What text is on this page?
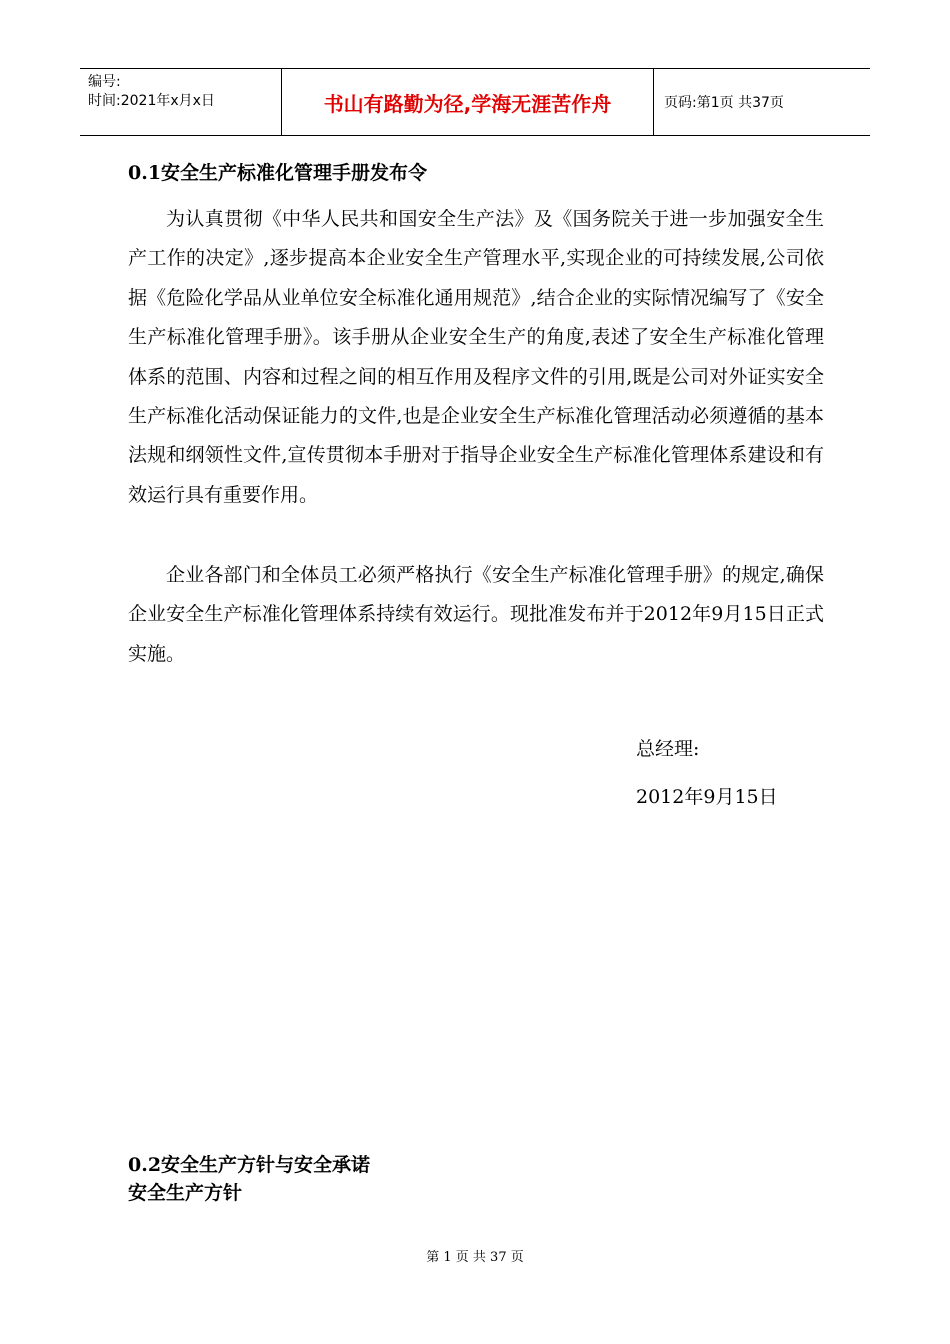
编号:
时间:2021年x月x日	书山有路勤为径,学海无涯苦作舟	页码:第1页 共37页
0.1安全生产标准化管理手册发布令

为认真贯彻《中华人民共和国安全生产法》及《国务院关于进一步加强安全生产工作的决定》,逐步提高本企业安全生产管理水平,实现企业的可持续发展,公司依据《危险化学品从业单位安全标准化通用规范》,结合企业的实际情况编写了《安全生产标准化管理手册》。该手册从企业安全生产的角度,表述了安全生产标准化管理体系的范围、内容和过程之间的相互作用及程序文件的引用,既是公司对外证实安全生产标准化活动保证能力的文件,也是企业安全生产标准化管理活动必须遵循的基本法规和纲领性文件,宣传贯彻本手册对于指导企业安全生产标准化管理体系建设和有效运行具有重要作用。

企业各部门和全体员工必须严格执行《安全生产标准化管理手册》的规定,确保企业安全生产标准化管理体系持续有效运行。现批准发布并于2012年9月15日正式实施。

总经理:
2012年9月15日
0.2安全生产方针与安全承诺
安全生产方针
第 1 页 共 37 页
